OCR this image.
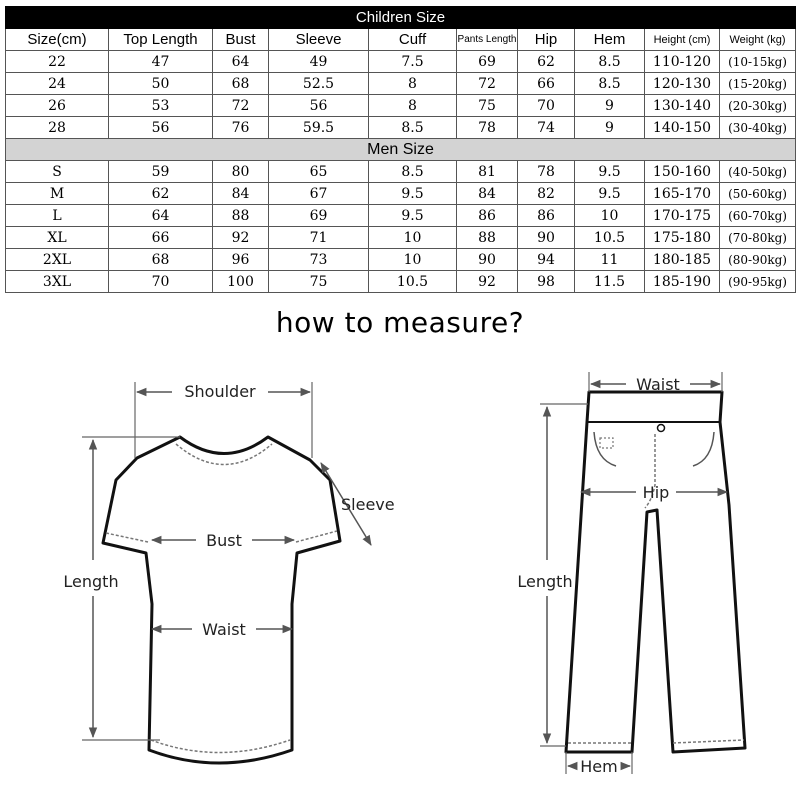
Children Size									
Size(cm)	Top Length	Bust	Sleeve	Cuff	Pants Length	Hip	Hem	Height (cm)	Weight (kg)
22	47	64	49	7.5	69	62	8.5	110-120	(10-15kg)
24	50	68	52.5	8	72	66	8.5	120-130	(15-20kg)
26	53	72	56	8	75	70	9	130-140	(20-30kg)
28	56	76	59.5	8.5	78	74	9	140-150	(30-40kg)
Men Size									
S	59	80	65	8.5	81	78	9.5	150-160	(40-50kg)
M	62	84	67	9.5	84	82	9.5	165-170	(50-60kg)
L	64	88	69	9.5	86	86	10	170-175	(60-70kg)
XL	66	92	71	10	88	90	10.5	175-180	(70-80kg)
2XL	68	96	73	10	90	94	11	180-185	(80-90kg)
3XL	70	100	75	10.5	92	98	11.5	185-190	(90-95kg)
how to measure?
Shoulder
Sleeve
Bust
Waist
Length
Waist
Hip
Length
Hem
